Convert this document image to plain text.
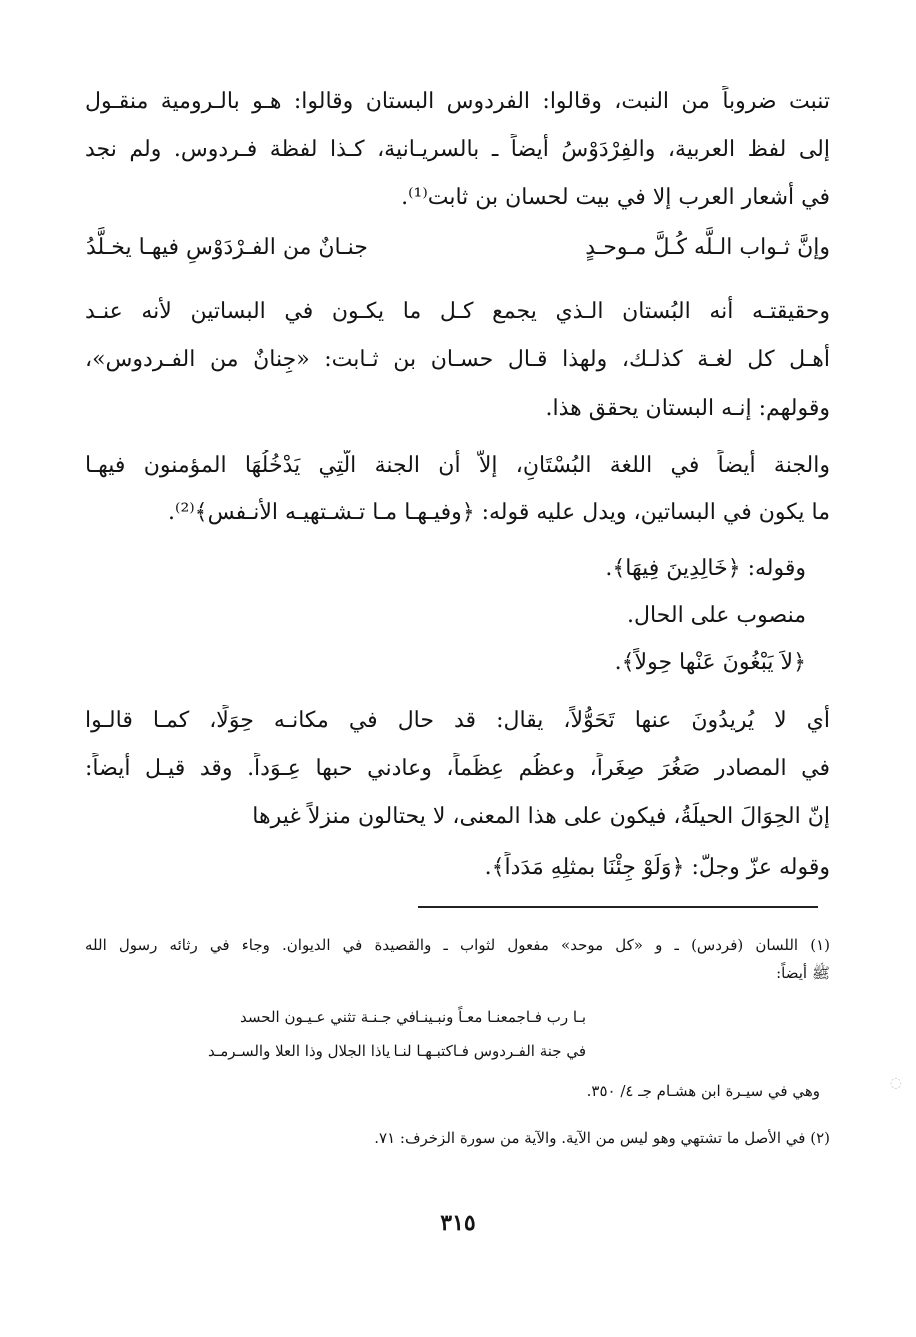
تنبت ضروباً من النبت، وقالوا: الفردوس البستان وقالوا: هـو بالـرومية منقـول
إلى لفظ العربية، والفِرْدَوْسُ أيضاً ـ بالسريـانية، كـذا لفظة فـردوس. ولم نجد
في أشعار العرب إلا في بيت لحسان بن ثابت⁽¹⁾.
وإنَّ ثـواب الـلَّه كُـلَّ مـوحـدٍ
جنـانٌ من الفـرْدَوْسِ فيهـا يخـلَّدُ
وحقيقتـه أنه البُستان الـذي يجمع كـل ما يكـون في البساتين لأنه عنـد
أهـل كل لغـة كذلـك، ولهذا قـال حسـان بن ثـابت: «جِنانٌ من الفـردوس»،
وقولهم: إنـه البستان يحقق هذا.
والجنة أيضاً في اللغة البُسْتَانِ، إلاَّ أن الجنة الَّتِي يَدْخُلُهَا المؤمنون فيهـا
ما يكون في البساتين، ويدل عليه قوله: ﴿وفيـهـا مـا تـشـتهيـه الأنـفس﴾⁽²⁾.
وقوله: ﴿خَالِدِينَ فِيهَا﴾.
منصوب على الحال.
﴿لاَ يَبْغُونَ عَنْها حِولاً﴾.
أي لا يُريدُونَ عنها تَحَوُّلاً، يقال: قد حال في مكانـه حِوَلًا، كمـا قالـوا
في المصادر صَغُرَ صِغَراً، وعظُم عِظَماً، وعادني حبها عِـوَداً. وقد قيـل أيضاً:
إنّ الحِوَالَ الحيلَةُ، فيكون على هذا المعنى، لا يحتالون منزلاً غيرها
وقوله عزّ وجلّ: ﴿وَلَوْ جِئْنَا بمثلِهِ مَدَداً﴾.
(١) اللسان (فردس) ـ و «كل موحد» مفعول لثواب ـ والقصيدة في الديوان. وجاء في رثائه رسول الله
ﷺ أيضاً:
بـا رب فـاجمعنـا معـاً ونبـينـا
في جـنـة تثني عـيـون الحسد
في جنة الفـردوس فـاكتبـهـا لنـا
ياذا الجلال وذا العلا والسـرمـد
وهي في سيـرة ابن هشـام جـ ٤/ ٣٥٠.
(٢) في الأصل ما تشتهي وهو ليس من الآية. والآية من سورة الزخرف: ٧١.
٣١٥
◌
